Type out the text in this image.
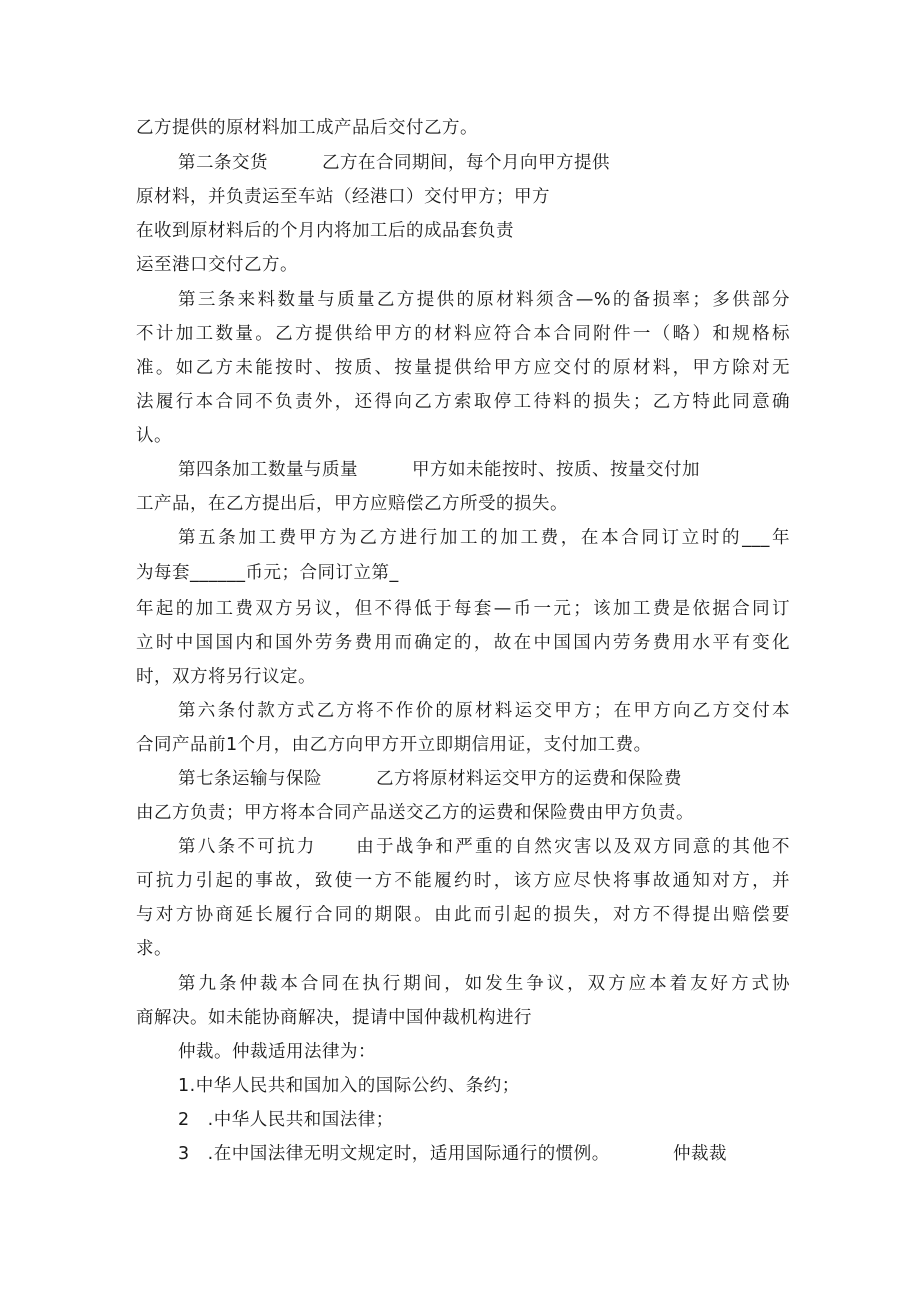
乙方提供的原材料加工成产品后交付乙方。
第二条交货　　　乙方在合同期间，每个月向甲方提供
原材料，并负责运至车站（经港口）交付甲方；甲方
在收到原材料后的个月内将加工后的成品套负责
运至港口交付乙方。
第三条来料数量与质量乙方提供的原材料须含—%的备损率；多供部分
不计加工数量。乙方提供给甲方的材料应符合本合同附件一（略）和规格标
准。如乙方未能按时、按质、按量提供给甲方应交付的原材料，甲方除对无
法履行本合同不负责外，还得向乙方索取停工待料的损失；乙方特此同意确
认。
第四条加工数量与质量　　　甲方如未能按时、按质、按量交付加
工产品，在乙方提出后，甲方应赔偿乙方所受的损失。
第五条加工费甲方为乙方进行加工的加工费，在本合同订立时的___年
为每套______币元；合同订立第_
年起的加工费双方另议，但不得低于每套—币一元；该加工费是依据合同订
立时中国国内和国外劳务费用而确定的，故在中国国内劳务费用水平有变化
时，双方将另行议定。
第六条付款方式乙方将不作价的原材料运交甲方；在甲方向乙方交付本
合同产品前1个月，由乙方向甲方开立即期信用证，支付加工费。
第七条运输与保险　　　乙方将原材料运交甲方的运费和保险费
由乙方负责；甲方将本合同产品送交乙方的运费和保险费由甲方负责。
第八条不可抗力　　由于战争和严重的自然灾害以及双方同意的其他不
可抗力引起的事故，致使一方不能履约时，该方应尽快将事故通知对方，并
与对方协商延长履行合同的期限。由此而引起的损失，对方不得提出赔偿要
求。
第九条仲裁本合同在执行期间，如发生争议，双方应本着友好方式协
商解决。如未能协商解决，提请中国仲裁机构进行
仲裁。仲裁适用法律为：
1.中华人民共和国加入的国际公约、条约；
2　.中华人民共和国法律；
3　.在中国法律无明文规定时，适用国际通行的惯例。　　　　仲裁裁
